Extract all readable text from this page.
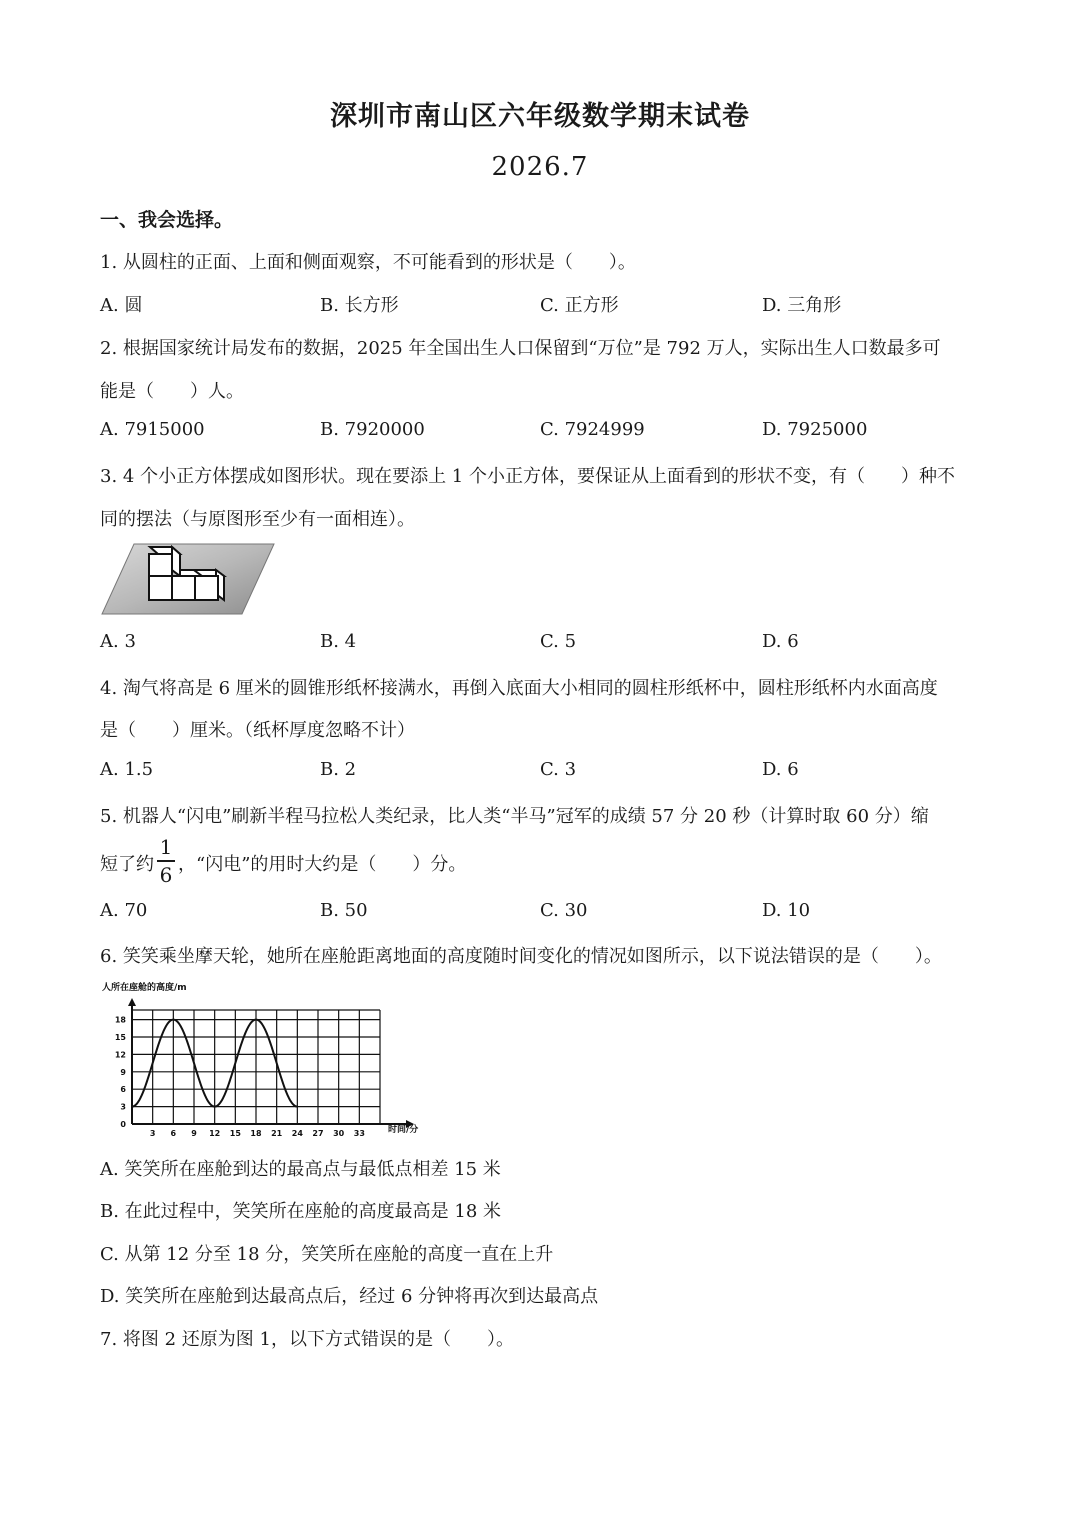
深圳市南山区六年级数学期末试卷
2026.7
一、我会选择。
1. 从圆柱的正面、上面和侧面观察，不可能看到的形状是（　　）。
A. 圆	B. 长方形	C. 正方形	D. 三角形
2. 根据国家统计局发布的数据，2025 年全国出生人口保留到“万位”是 792 万人，实际出生人口数最多可
能是（　　）人。
A. 7915000	B. 7920000	C. 7924999	D. 7925000
3. 4 个小正方体摆成如图形状。现在要添上 1 个小正方体，要保证从上面看到的形状不变，有（　　）种不
同的摆法（与原图形至少有一面相连）。
A. 3	B. 4	C. 5	D. 6
4. 淘气将高是 6 厘米的圆锥形纸杯接满水，再倒入底面大小相同的圆柱形纸杯中，圆柱形纸杯内水面高度
是（　　）厘米。（纸杯厚度忽略不计）
A. 1.5	B. 2	C. 3	D. 6
5. 机器人“闪电”刷新半程马拉松人类纪录，比人类“半马”冠军的成绩 57 分 20 秒（计算时取 60 分）缩
短了约
1
6 ，“闪电”的用时大约是（　　）分。
A. 70	B. 50	C. 30	D. 10
6. 笑笑乘坐摩天轮，她所在座舱距离地面的高度随时间变化的情况如图所示，以下说法错误的是（　　）。
人所在座舱的高度/m
0
3
6
9
12
15
18
3 6 9 12 15 18 21 24 27 30 33	时间/分
A. 笑笑所在座舱到达的最高点与最低点相差 15 米
B. 在此过程中，笑笑所在座舱的高度最高是 18 米
C. 从第 12 分至 18 分，笑笑所在座舱的高度一直在上升
D. 笑笑所在座舱到达最高点后，经过 6 分钟将再次到达最高点
7. 将图 2 还原为图 1，以下方式错误的是（　　）。
